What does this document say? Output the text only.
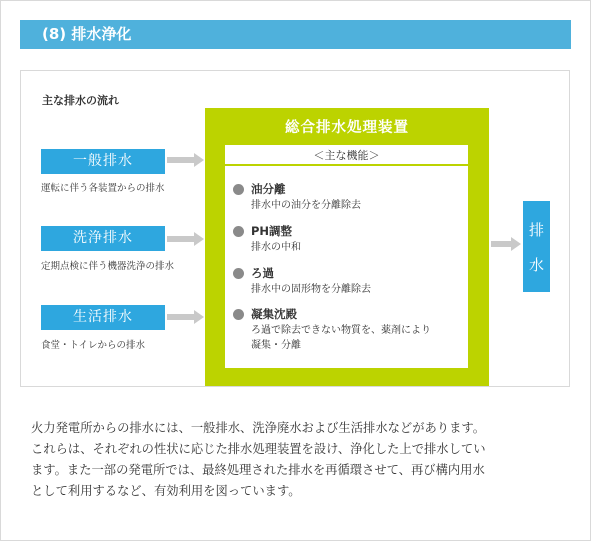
(8) 排水浄化
主な排水の流れ
一般排水
運転に伴う各装置からの排水
洗浄排水
定期点検に伴う機器洗浄の排水
生活排水
食堂・トイレからの排水
総合排水処理装置
＜主な機能＞
油分離
排水中の油分を分離除去
PH調整
排水の中和
ろ過
排水中の固形物を分離除去
凝集沈殿
ろ過で除去できない物質を、薬剤により
凝集・分離
排
水
火力発電所からの排水には、一般排水、洗浄廃水および生活排水などがあります。
これらは、それぞれの性状に応じた排水処理装置を設け、浄化した上で排水してい
ます。また一部の発電所では、最終処理された排水を再循環させて、再び構内用水
として利用するなど、有効利用を図っています。
